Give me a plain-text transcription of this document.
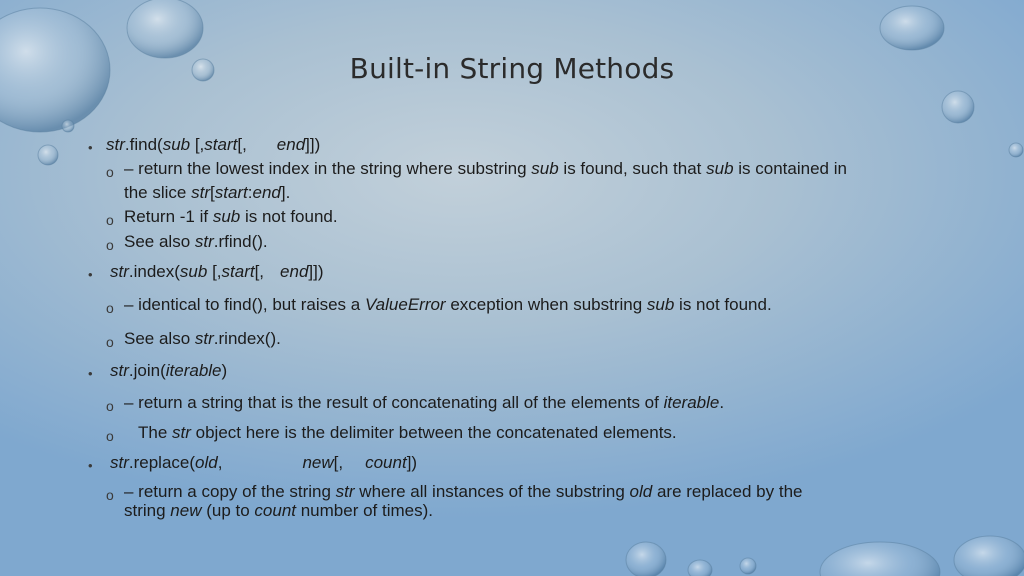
Built-in String Methods
• str.find(sub [,start[, end]])
o – return the lowest index in the string where substring sub is found, such that sub is contained in
the slice str[start:end].
o Return -1 if sub is not found.
o See also str.rfind().
• str.index(sub [,start[, end]])
o – identical to find(), but raises a ValueError exception when substring sub is not found.
o See also str.rindex().
• str.join(iterable)
o – return a string that is the result of concatenating all of the elements of iterable.
o The str object here is the delimiter between the concatenated elements.
• str.replace(old,	new[, count])
o – return a copy of the string str where all instances of the substring old are replaced by the
string new (up to count number of times).
